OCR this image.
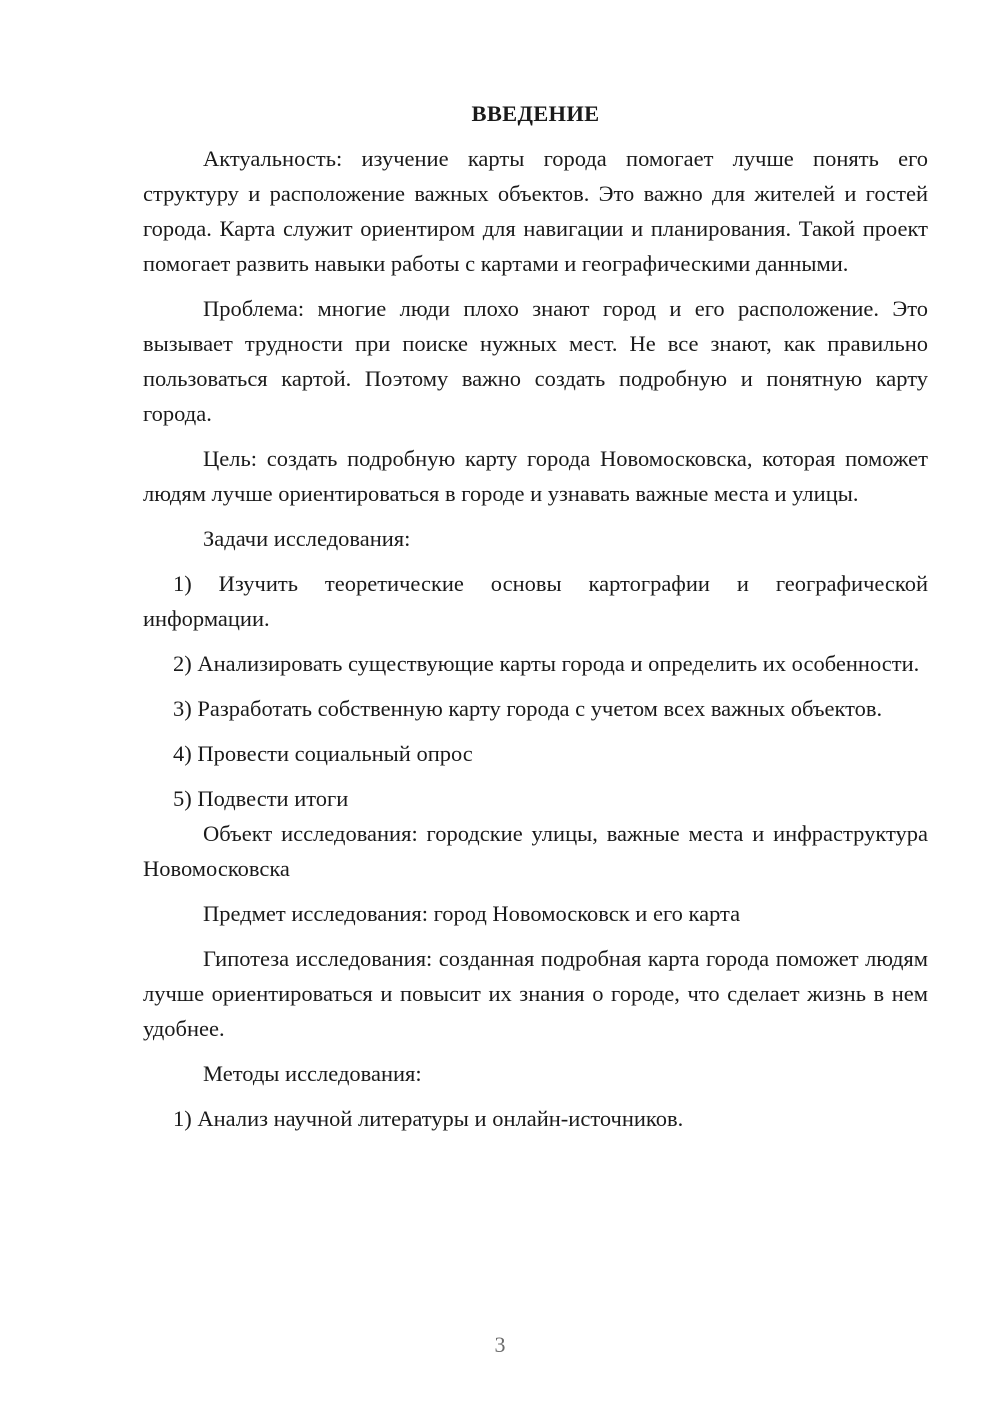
ВВЕДЕНИЕ
Актуальность: изучение карты города помогает лучше понять его структуру и расположение важных объектов. Это важно для жителей и гостей города. Карта служит ориентиром для навигации и планирования. Такой проект помогает развить навыки работы с картами и географическими данными.
Проблема: многие люди плохо знают город и его расположение. Это вызывает трудности при поиске нужных мест. Не все знают, как правильно пользоваться картой. Поэтому важно создать подробную и понятную карту города.
Цель: создать подробную карту города Новомосковска, которая поможет людям лучше ориентироваться в городе и узнавать важные места и улицы.
Задачи исследования:
1) Изучить теоретические основы картографии и географической информации.
2) Анализировать существующие карты города и определить их особенности.
3) Разработать собственную карту города с учетом всех важных объектов.
4) Провести социальный опрос
5) Подвести итоги
Объект исследования: городские улицы, важные места и инфраструктура Новомосковска
Предмет исследования: город Новомосковск и его карта
Гипотеза исследования: созданная подробная карта города поможет людям лучше ориентироваться и повысит их знания о городе, что сделает жизнь в нем удобнее.
Методы исследования:
1) Анализ научной литературы и онлайн-источников.
3
